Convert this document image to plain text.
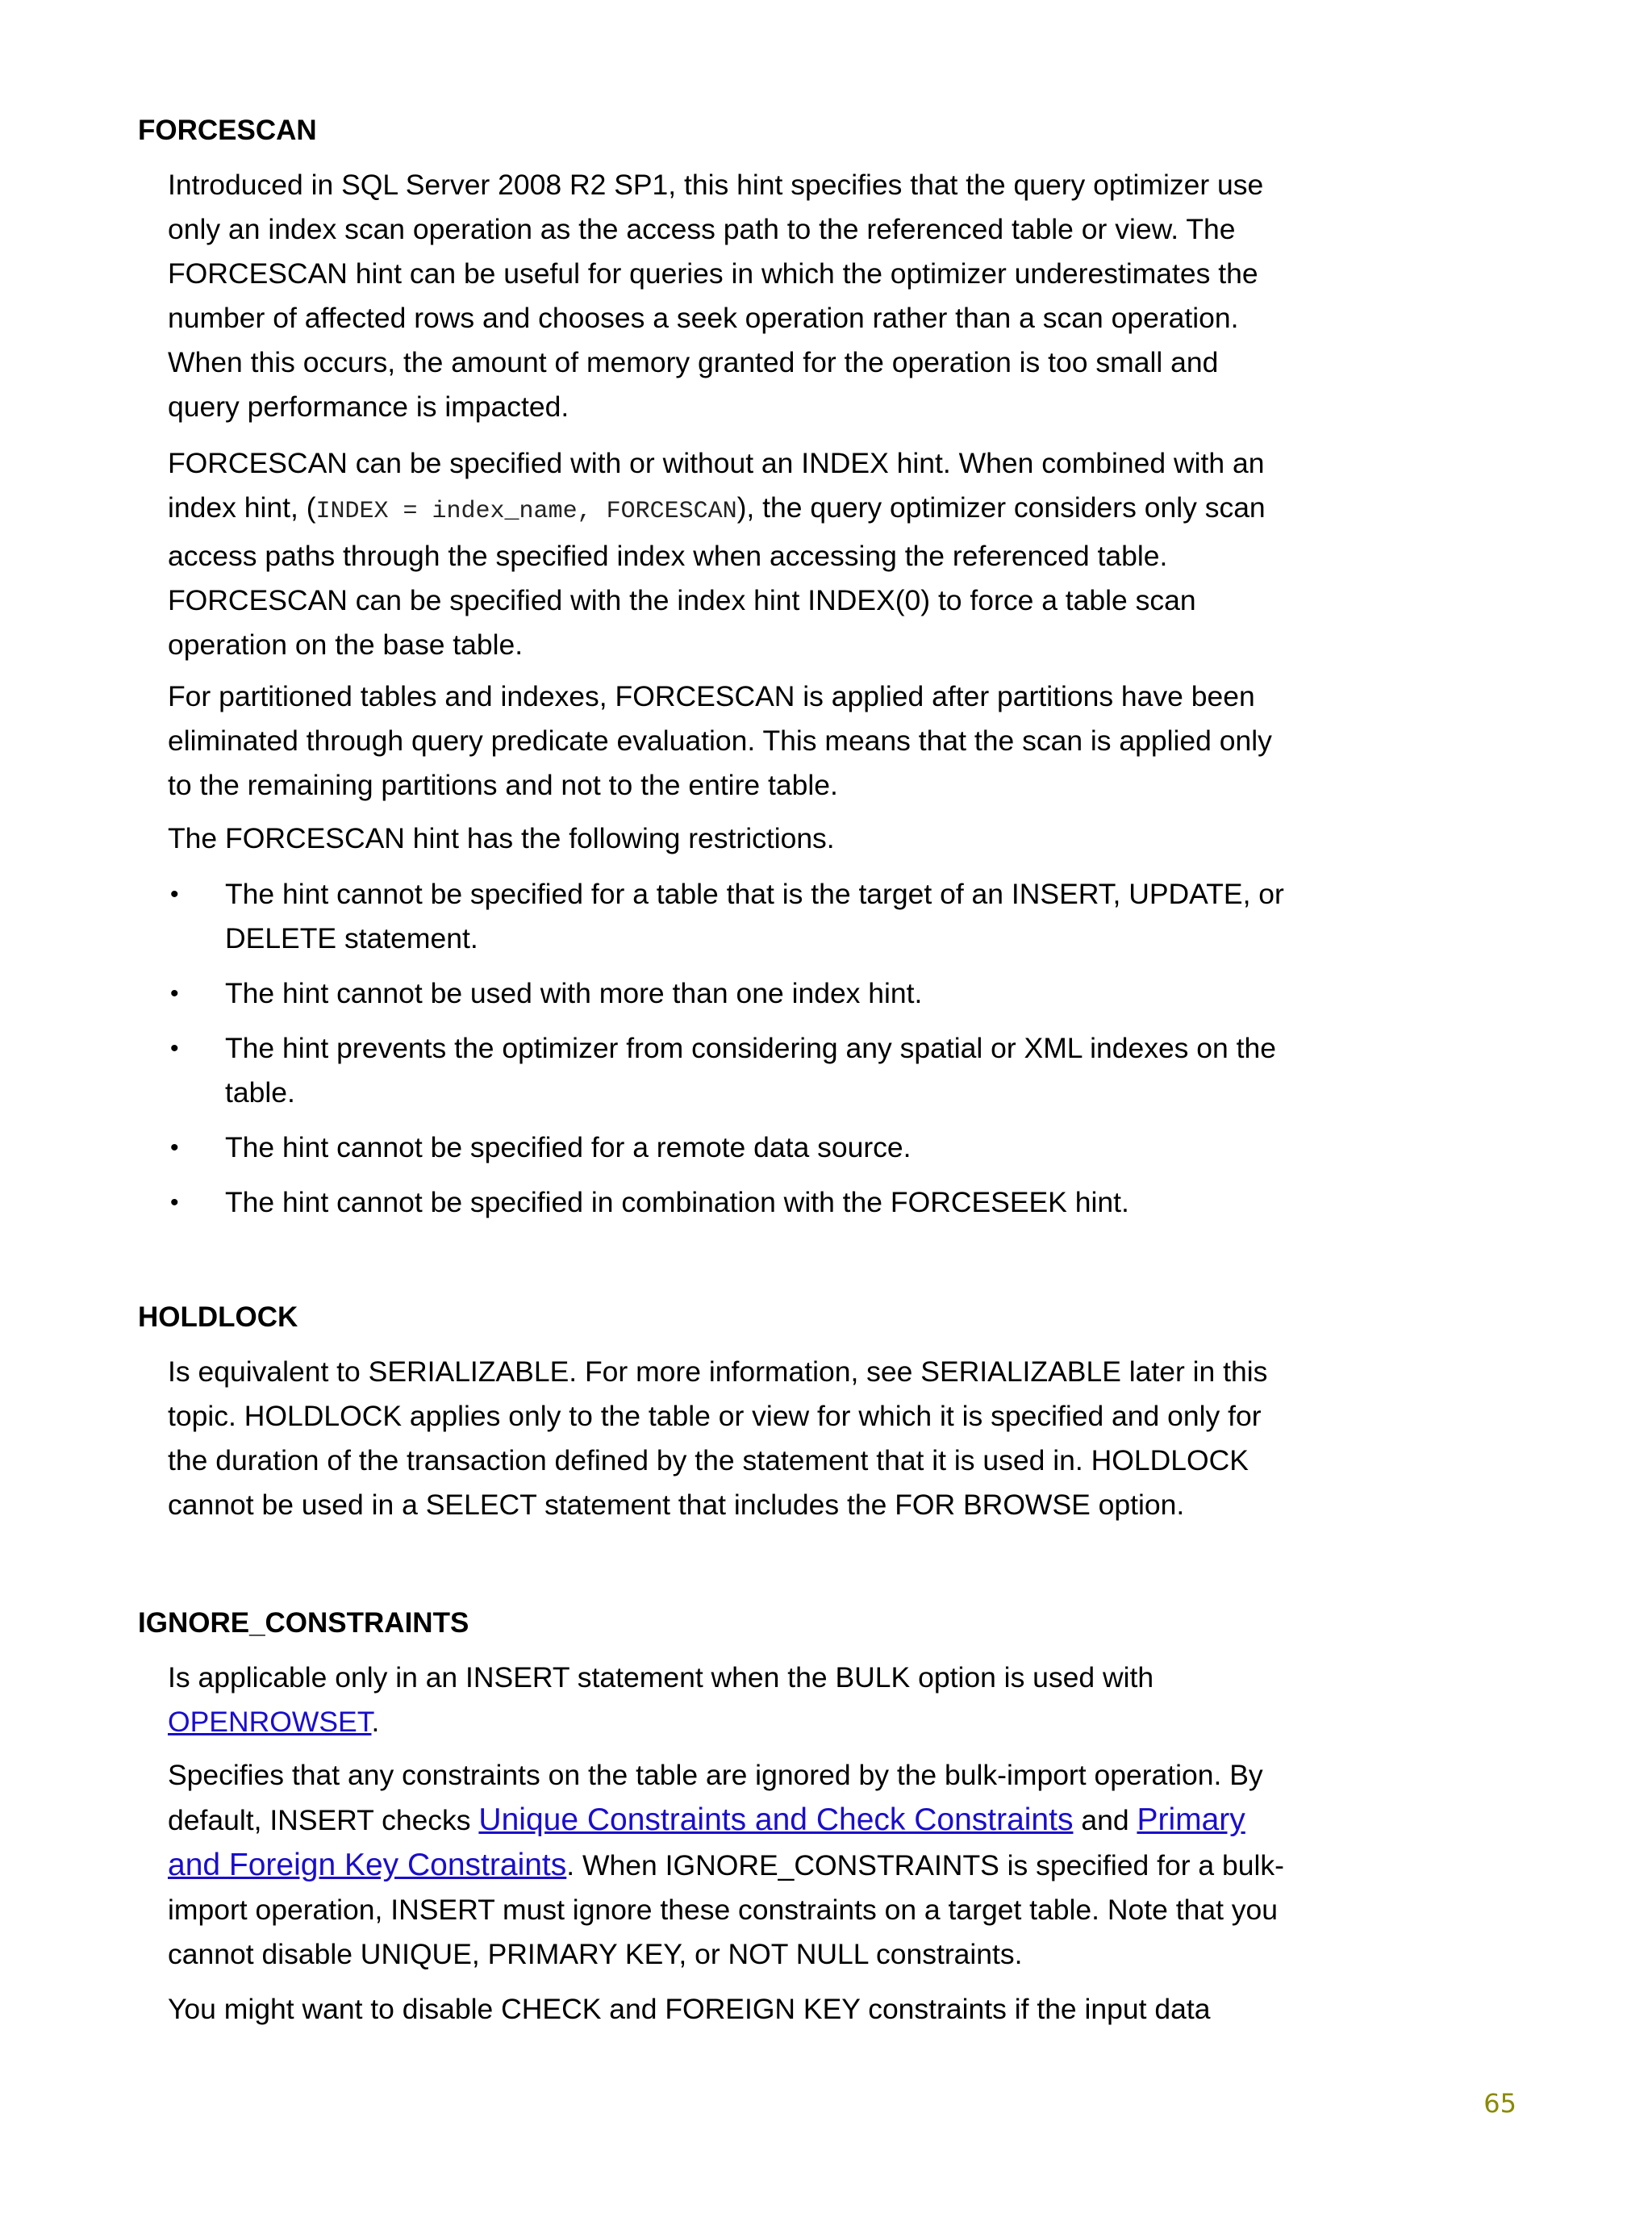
FORCESCAN

Introduced in SQL Server 2008 R2 SP1, this hint specifies that the query optimizer use only an index scan operation as the access path to the referenced table or view. The FORCESCAN hint can be useful for queries in which the optimizer underestimates the number of affected rows and chooses a seek operation rather than a scan operation. When this occurs, the amount of memory granted for the operation is too small and query performance is impacted.

FORCESCAN can be specified with or without an INDEX hint. When combined with an index hint, (INDEX = index_name, FORCESCAN), the query optimizer considers only scan access paths through the specified index when accessing the referenced table. FORCESCAN can be specified with the index hint INDEX(0) to force a table scan operation on the base table.

For partitioned tables and indexes, FORCESCAN is applied after partitions have been eliminated through query predicate evaluation. This means that the scan is applied only to the remaining partitions and not to the entire table.

The FORCESCAN hint has the following restrictions.

• The hint cannot be specified for a table that is the target of an INSERT, UPDATE, or DELETE statement.
• The hint cannot be used with more than one index hint.
• The hint prevents the optimizer from considering any spatial or XML indexes on the table.
• The hint cannot be specified for a remote data source.
• The hint cannot be specified in combination with the FORCESEEK hint.
HOLDLOCK

Is equivalent to SERIALIZABLE. For more information, see SERIALIZABLE later in this topic. HOLDLOCK applies only to the table or view for which it is specified and only for the duration of the transaction defined by the statement that it is used in. HOLDLOCK cannot be used in a SELECT statement that includes the FOR BROWSE option.

IGNORE_CONSTRAINTS

Is applicable only in an INSERT statement when the BULK option is used with OPENROWSET.

Specifies that any constraints on the table are ignored by the bulk-import operation. By default, INSERT checks Unique Constraints and Check Constraints and Primary and Foreign Key Constraints. When IGNORE_CONSTRAINTS is specified for a bulk-import operation, INSERT must ignore these constraints on a target table. Note that you cannot disable UNIQUE, PRIMARY KEY, or NOT NULL constraints.

You might want to disable CHECK and FOREIGN KEY constraints if the input data

65
